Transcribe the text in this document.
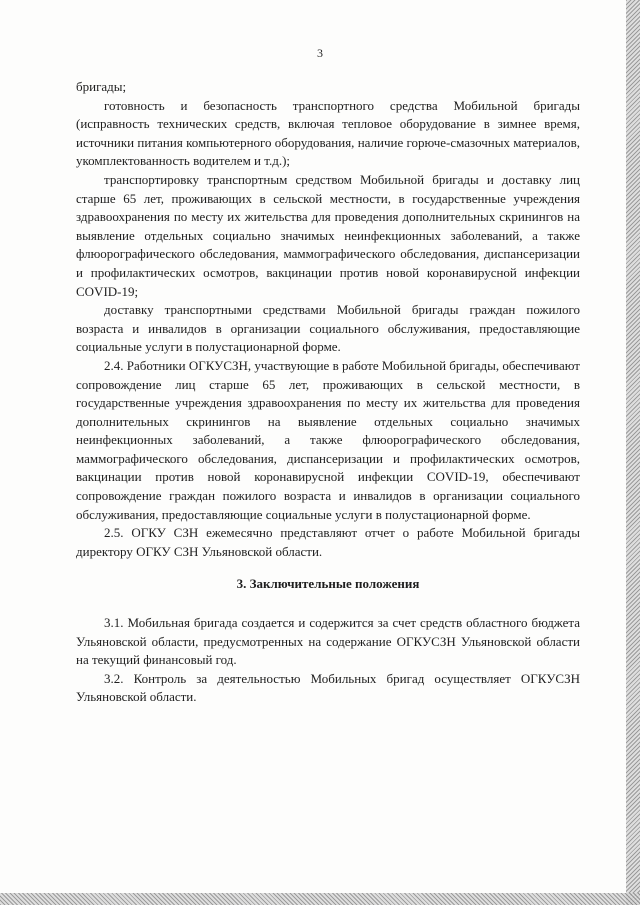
3

бригады;

готовность и безопасность транспортного средства Мобильной бригады (исправность технических средств, включая тепловое оборудование в зимнее время, источники питания компьютерного оборудования, наличие горюче-смазочных материалов, укомплектованность водителем и т.д.);

транспортировку транспортным средством Мобильной бригады и доставку лиц старше 65 лет, проживающих в сельской местности, в государственные учреждения здравоохранения по месту их жительства для проведения дополнительных скринингов на выявление отдельных социально значимых неинфекционных заболеваний, а также флюорографического обследования, маммографического обследования, диспансеризации и профилактических осмотров, вакцинации против новой коронавирусной инфекции COVID-19;

доставку транспортными средствами Мобильной бригады граждан пожилого возраста и инвалидов в организации социального обслуживания, предоставляющие социальные услуги в полустационарной форме.

2.4. Работники ОГКУСЗН, участвующие в работе Мобильной бригады, обеспечивают сопровождение лиц старше 65 лет, проживающих в сельской местности, в государственные учреждения здравоохранения по месту их жительства для проведения дополнительных скринингов на выявление отдельных социально значимых неинфекционных заболеваний, а также флюорографического обследования, маммографического обследования, диспансеризации и профилактических осмотров, вакцинации против новой коронавирусной инфекции COVID-19, обеспечивают сопровождение граждан пожилого возраста и инвалидов в организации социального обслуживания, предоставляющие социальные услуги в полустационарной форме.

2.5. ОГКУ СЗН ежемесячно представляют отчет о работе Мобильной бригады директору ОГКУ СЗН Ульяновской области.

3. Заключительные положения

3.1. Мобильная бригада создается и содержится за счет средств областного бюджета Ульяновской области, предусмотренных на содержание ОГКУСЗН Ульяновской области на текущий финансовый год.

3.2. Контроль за деятельностью Мобильных бригад осуществляет ОГКУСЗН Ульяновской области.
